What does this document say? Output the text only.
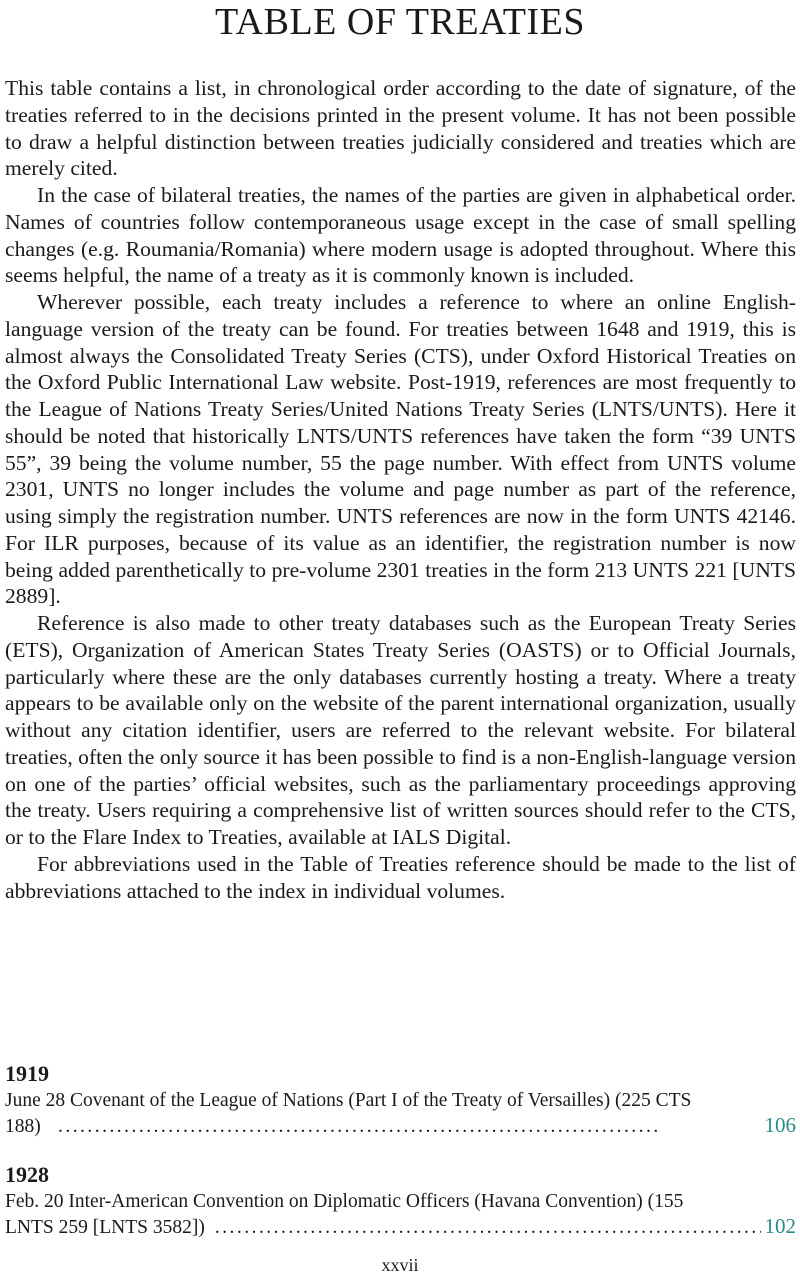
TABLE OF TREATIES

This table contains a list, in chronological order according to the date of signature, of the treaties referred to in the decisions printed in the present volume. It has not been possible to draw a helpful distinction between treaties judicially considered and treaties which are merely cited.

In the case of bilateral treaties, the names of the parties are given in alphabetical order. Names of countries follow contemporaneous usage except in the case of small spelling changes (e.g. Roumania/Romania) where modern usage is adopted throughout. Where this seems helpful, the name of a treaty as it is commonly known is included.

Wherever possible, each treaty includes a reference to where an online English-language version of the treaty can be found. For treaties between 1648 and 1919, this is almost always the Consolidated Treaty Series (CTS), under Oxford Historical Treaties on the Oxford Public International Law website. Post-1919, references are most frequently to the League of Nations Treaty Series/United Nations Treaty Series (LNTS/UNTS). Here it should be noted that historically LNTS/UNTS references have taken the form “39 UNTS 55”, 39 being the volume number, 55 the page number. With effect from UNTS volume 2301, UNTS no longer includes the volume and page number as part of the reference, using simply the registration number. UNTS references are now in the form UNTS 42146. For ILR purposes, because of its value as an identifier, the registration number is now being added parenthetically to pre-volume 2301 treaties in the form 213 UNTS 221 [UNTS 2889].

Reference is also made to other treaty databases such as the European Treaty Series (ETS), Organization of American States Treaty Series (OASTS) or to Official Journals, particularly where these are the only databases currently hosting a treaty. Where a treaty appears to be available only on the website of the parent international organization, usually without any citation identifier, users are referred to the relevant website. For bilateral treaties, often the only source it has been possible to find is a non-English-language version on one of the parties’ official websites, such as the parliamentary proceedings approving the treaty. Users requiring a comprehensive list of written sources should refer to the CTS, or to the Flare Index to Treaties, available at IALS Digital.

For abbreviations used in the Table of Treaties reference should be made to the list of abbreviations attached to the index in individual volumes.

1919
June 28 Covenant of the League of Nations (Part I of the Treaty of Versailles) (225 CTS
188) . . .	106
1928
Feb. 20 Inter-American Convention on Diplomatic Officers (Havana Convention) (155
LNTS 259 [LNTS 3582]) . . .	102
xxvii
